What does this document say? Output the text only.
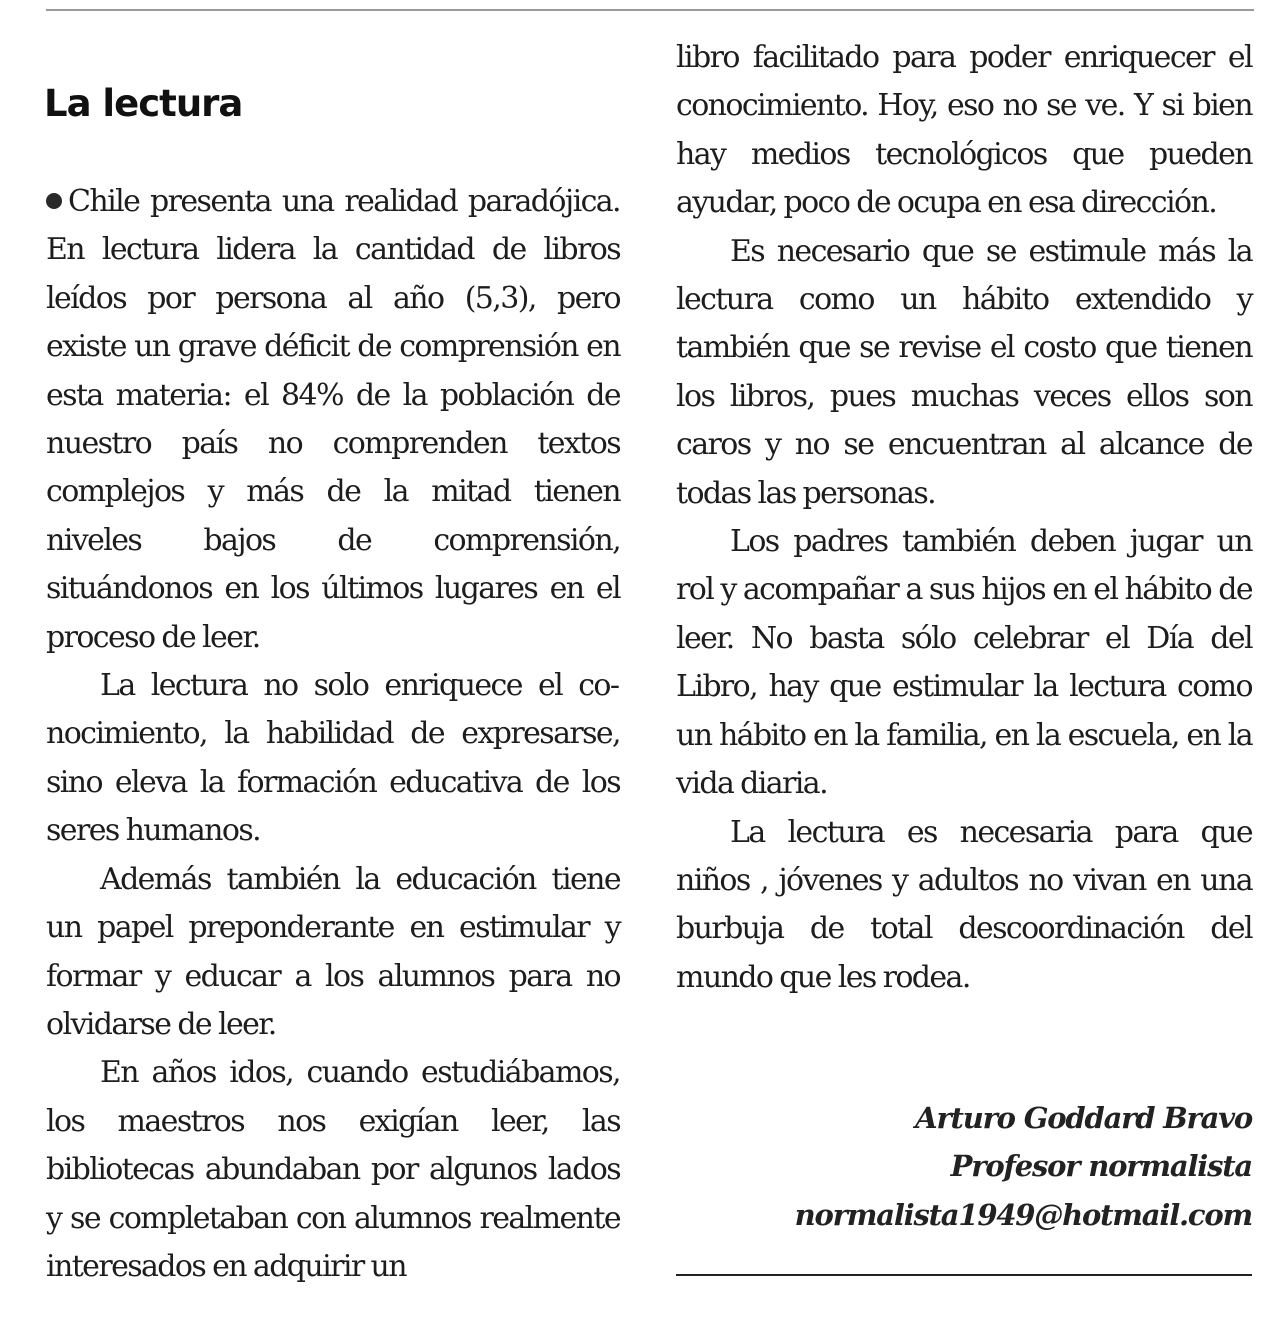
La lectura

Chile presenta una realidad paradójica. En lectura lidera la cantidad de libros leídos por persona al año (5,3), pero existe un grave déficit de comprensión en esta materia: el 84% de la población de nuestro país no comprenden textos complejos y más de la mitad tienen niveles bajos de comprensión, situándonos en los últimos lugares en el proceso de leer.

La lectura no solo enriquece el conocimiento, la habilidad de expresarse, sino eleva la formación educativa de los seres humanos.

Además también la educación tiene un papel preponderante en estimular y formar y educar a los alumnos para no olvidarse de leer.

En años idos, cuando estudiábamos, los maestros nos exigían leer, las bibliotecas abundaban por algunos lados y se completaban con alumnos realmente interesados en adquirir un

libro facilitado para poder enriquecer el conocimiento. Hoy, eso no se ve. Y si bien hay medios tecnológicos que pueden ayudar, poco de ocupa en esa dirección.

Es necesario que se estimule más la lectura como un hábito extendido y también que se revise el costo que tienen los libros, pues muchas veces ellos son caros y no se encuentran al alcance de todas las personas.

Los padres también deben jugar un rol y acompañar a sus hijos en el hábito de leer. No basta sólo celebrar el Día del Libro, hay que estimular la lectura como un hábito en la familia, en la escuela, en la vida diaria.

La lectura es necesaria para que niños , jóvenes y adultos no vivan en una burbuja de total descoordinación del mundo que les rodea.

Arturo Goddard Bravo
Profesor normalista
normalista1949@hotmail.com
